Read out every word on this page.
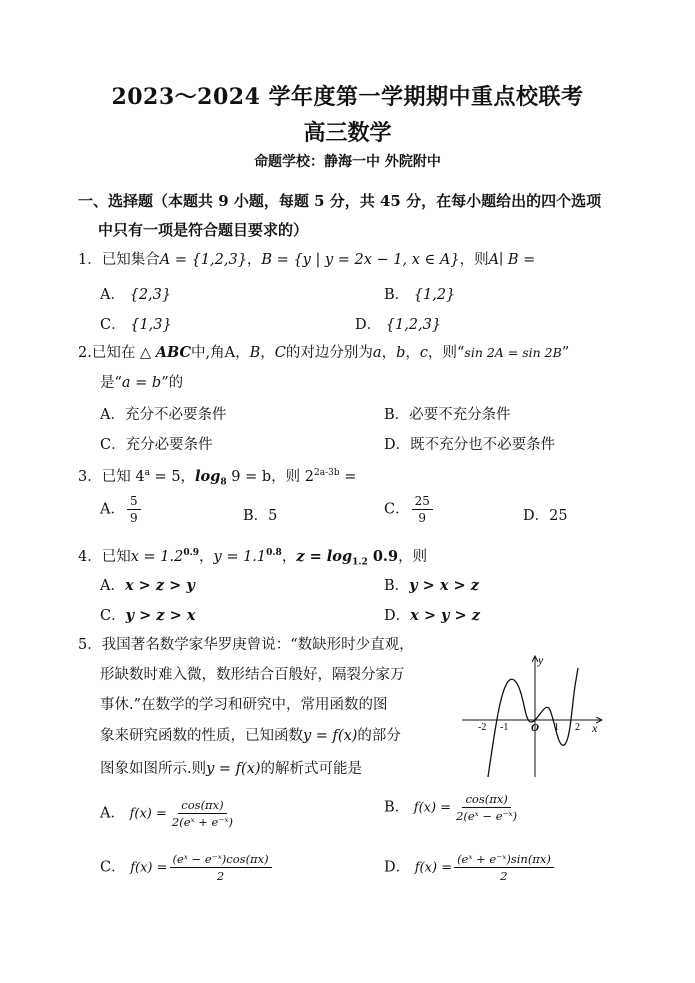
2023～2024 学年度第一学期期中重点校联考
高三数学
命题学校：静海一中 外院附中
一、选择题（本题共 9 小题，每题 5 分，共 45 分，在每小题给出的四个选项
中只有一项是符合题目要求的）
1．已知集合A = {1,2,3}，B = {y | y = 2x − 1, x ∈ A}，则A∣ B =
A． {2,3}	B． {1,2}
C． {1,3}	D． {1,2,3}
2.已知在 △ ABC中,角A，B，C的对边分别为a，b，c，则“sin 2A = sin 2B”
是“a = b”的
A．充分不必要条件	B．必要不充分条件
C．充分必要条件	D．既不充分也不必要条件
3．已知 $4^a = 5$，$\log_8 9 = b$，则 $2^{2a-3b}$ =
A． $\frac{5}{9}$	B．5	C． $\frac{25}{9}$	D．25
4．已知$x = 1.2^{0.9}$，$y = 1.1^{0.8}$，$z = \log_{1.2} 0.9$，则
A．x > z > y	B．y > x > z
C．y > z > x	D．x > y > z
5．我国著名数学家华罗庚曾说：“数缺形时少直观，
形缺数时难入微，数形结合百般好，隔裂分家万
事休.”在数学的学习和研究中，常用函数的图
象来研究函数的性质，已知函数y = f(x)的部分
图象如图所示.则y = f(x)的解析式可能是
y
x
O
-2 -1	1 2
A． $f(x) = \frac{\cos(\pi x)}{\text{2(eˣ + e⁻ˣ)}}$	B． $f(x) = \frac{\cos(\pi x)}{\text{2(eˣ − e⁻ˣ)}}$
C． $f(x) = \frac{\text{(eˣ − e⁻ˣ)cos(πx)}}{2}$	D． $f(x) = \frac{\text{(eˣ + e⁻ˣ)sin(πx)}}{2}$
